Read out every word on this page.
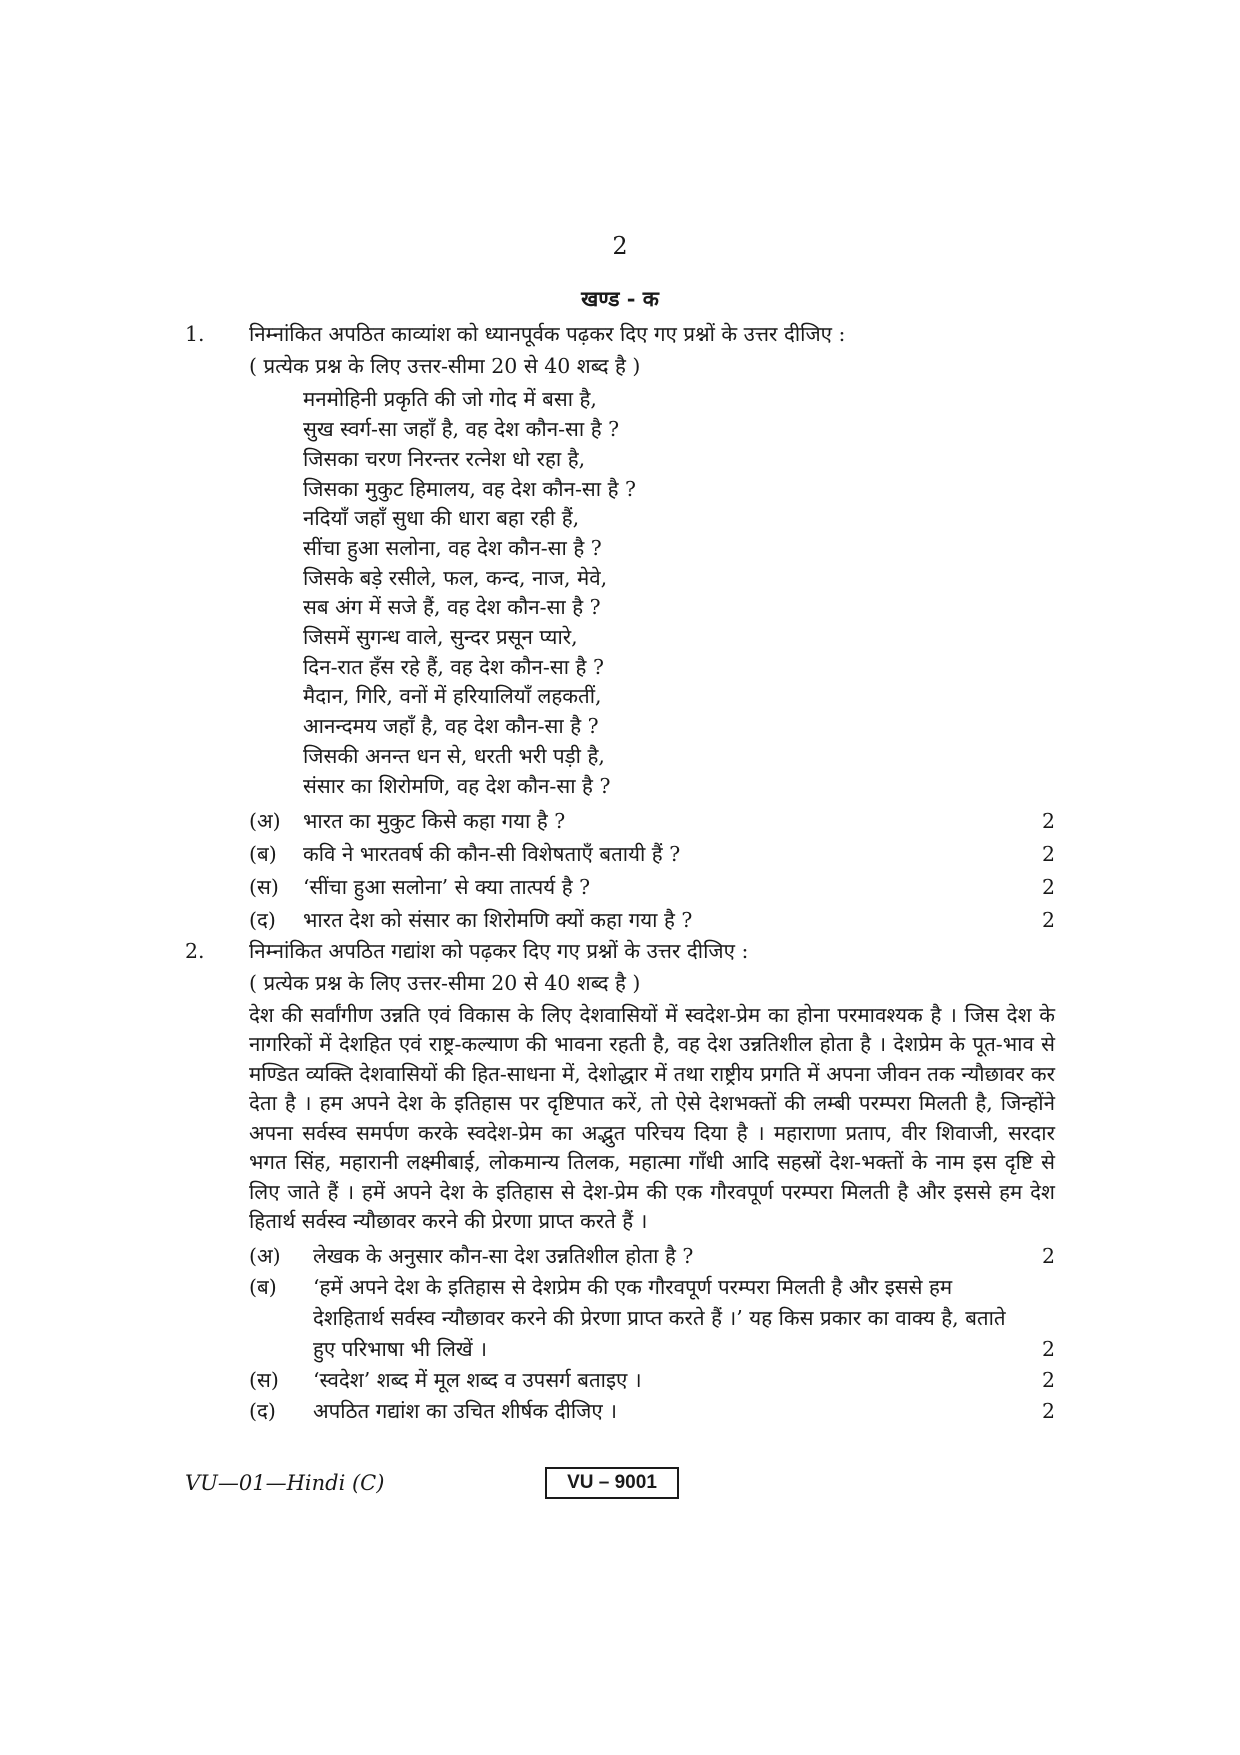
2
खण्ड - क
1. निम्नांकित अपठित काव्यांश को ध्यानपूर्वक पढ़कर दिए गए प्रश्नों के उत्तर दीजिए :
( प्रत्येक प्रश्न के लिए उत्तर-सीमा 20 से 40 शब्द है )
मनमोहिनी प्रकृति की जो गोद में बसा है,
सुख स्वर्ग-सा जहाँ है, वह देश कौन-सा है ?
जिसका चरण निरन्तर रत्नेश धो रहा है,
जिसका मुकुट हिमालय, वह देश कौन-सा है ?
नदियाँ जहाँ सुधा की धारा बहा रही हैं,
सींचा हुआ सलोना, वह देश कौन-सा है ?
जिसके बड़े रसीले, फल, कन्द, नाज, मेवे,
सब अंग में सजे हैं, वह देश कौन-सा है ?
जिसमें सुगन्ध वाले, सुन्दर प्रसून प्यारे,
दिन-रात हँस रहे हैं, वह देश कौन-सा है ?
मैदान, गिरि, वनों में हरियालियाँ लहकतीं,
आनन्दमय जहाँ है, वह देश कौन-सा है ?
जिसकी अनन्त धन से, धरती भरी पड़ी है,
संसार का शिरोमणि, वह देश कौन-सा है ?
(अ)	भारत का मुकुट किसे कहा गया है ?	2
(ब)	कवि ने भारतवर्ष की कौन-सी विशेषताएँ बतायी हैं ?	2
(स)	‘सींचा हुआ सलोना’ से क्या तात्पर्य है ?	2
(द)	भारत देश को संसार का शिरोमणि क्यों कहा गया है ?	2
2. निम्नांकित अपठित गद्यांश को पढ़कर दिए गए प्रश्नों के उत्तर दीजिए :
( प्रत्येक प्रश्न के लिए उत्तर-सीमा 20 से 40 शब्द है )
देश की सर्वांगीण उन्नति एवं विकास के लिए देशवासियों में स्वदेश-प्रेम का होना परमावश्यक है । जिस देश के नागरिकों में देशहित एवं राष्ट्र-कल्याण की भावना रहती है, वह देश उन्नतिशील होता है । देशप्रेम के पूत-भाव से मण्डित व्यक्ति देशवासियों की हित-साधना में, देशोद्धार में तथा राष्ट्रीय प्रगति में अपना जीवन तक न्यौछावर कर देता है । हम अपने देश के इतिहास पर दृष्टिपात करें, तो ऐसे देशभक्तों की लम्बी परम्परा मिलती है, जिन्होंने अपना सर्वस्व समर्पण करके स्वदेश-प्रेम का अद्भुत परिचय दिया है । महाराणा प्रताप, वीर शिवाजी, सरदार भगत सिंह, महारानी लक्ष्मीबाई, लोकमान्य तिलक, महात्मा गाँधी आदि सहस्रों देश-भक्तों के नाम इस दृष्टि से लिए जाते हैं । हमें अपने देश के इतिहास से देश-प्रेम की एक गौरवपूर्ण परम्परा मिलती है और इससे हम देश हितार्थ सर्वस्व न्यौछावर करने की प्रेरणा प्राप्त करते हैं ।
(अ)	लेखक के अनुसार कौन-सा देश उन्नतिशील होता है ?	2
(ब)	‘हमें अपने देश के इतिहास से देशप्रेम की एक गौरवपूर्ण परम्परा मिलती है और इससे हम देशहितार्थ सर्वस्व न्यौछावर करने की प्रेरणा प्राप्त करते हैं ।’ यह किस प्रकार का वाक्य है, बताते हुए परिभाषा भी लिखें ।	2
(स)	‘स्वदेश’ शब्द में मूल शब्द व उपसर्ग बताइए ।	2
(द)	अपठित गद्यांश का उचित शीर्षक दीजिए ।	2
VU—01—Hindi (C)	VU – 9001
